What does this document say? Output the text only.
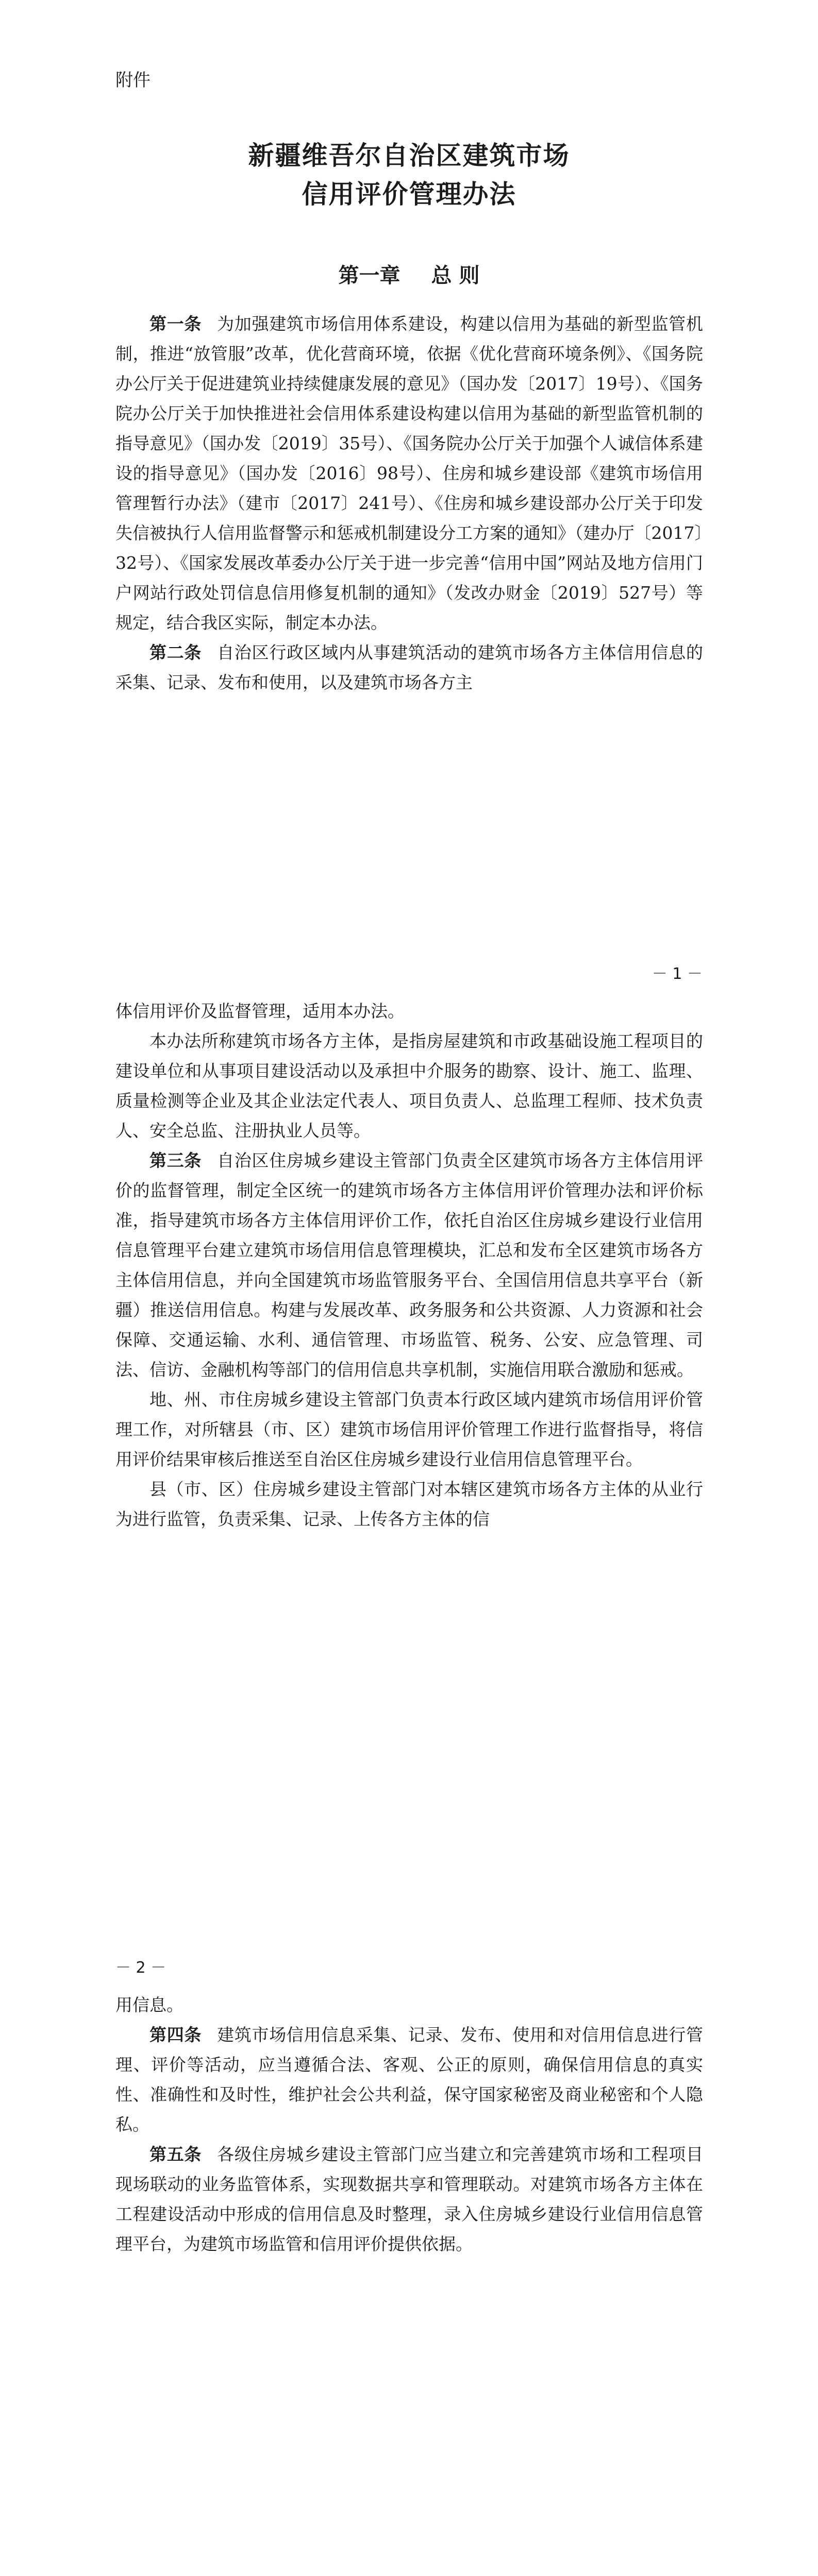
附件
新疆维吾尔自治区建筑市场
信用评价管理办法
第一章 总 则

第一条 为加强建筑市场信用体系建设，构建以信用为基础的新型监管机制，推进“放管服”改革，优化营商环境，依据《优化营商环境条例》、《国务院办公厅关于促进建筑业持续健康发展的意见》（国办发〔2017〕19号）、《国务院办公厅关于加快推进社会信用体系建设构建以信用为基础的新型监管机制的指导意见》（国办发〔2019〕35号）、《国务院办公厅关于加强个人诚信体系建设的指导意见》（国办发〔2016〕98号）、住房和城乡建设部《建筑市场信用管理暂行办法》（建市〔2017〕241号）、《住房和城乡建设部办公厅关于印发失信被执行人信用监督警示和惩戒机制建设分工方案的通知》（建办厅〔2017〕32号）、《国家发展改革委办公厅关于进一步完善“信用中国”网站及地方信用门户网站行政处罚信息信用修复机制的通知》（发改办财金〔2019〕527号）等规定，结合我区实际，制定本办法。

第二条 自治区行政区域内从事建筑活动的建筑市场各方主体信用信息的采集、记录、发布和使用，以及建筑市场各方主

－ 1 －

体信用评价及监督管理，适用本办法。

本办法所称建筑市场各方主体，是指房屋建筑和市政基础设施工程项目的建设单位和从事项目建设活动以及承担中介服务的勘察、设计、施工、监理、质量检测等企业及其企业法定代表人、项目负责人、总监理工程师、技术负责人、安全总监、注册执业人员等。

第三条 自治区住房城乡建设主管部门负责全区建筑市场各方主体信用评价的监督管理，制定全区统一的建筑市场各方主体信用评价管理办法和评价标准，指导建筑市场各方主体信用评价工作，依托自治区住房城乡建设行业信用信息管理平台建立建筑市场信用信息管理模块，汇总和发布全区建筑市场各方主体信用信息，并向全国建筑市场监管服务平台、全国信用信息共享平台（新疆）推送信用信息。构建与发展改革、政务服务和公共资源、人力资源和社会保障、交通运输、水利、通信管理、市场监管、税务、公安、应急管理、司法、信访、金融机构等部门的信用信息共享机制，实施信用联合激励和惩戒。

地、州、市住房城乡建设主管部门负责本行政区域内建筑市场信用评价管理工作，对所辖县（市、区）建筑市场信用评价管理工作进行监督指导，将信用评价结果审核后推送至自治区住房城乡建设行业信用信息管理平台。

县（市、区）住房城乡建设主管部门对本辖区建筑市场各方主体的从业行为进行监管，负责采集、记录、上传各方主体的信

－ 2 －

用信息。

第四条 建筑市场信用信息采集、记录、发布、使用和对信用信息进行管理、评价等活动，应当遵循合法、客观、公正的原则，确保信用信息的真实性、准确性和及时性，维护社会公共利益，保守国家秘密及商业秘密和个人隐私。

第五条 各级住房城乡建设主管部门应当建立和完善建筑市场和工程项目现场联动的业务监管体系，实现数据共享和管理联动。对建筑市场各方主体在工程建设活动中形成的信用信息及时整理，录入住房城乡建设行业信用信息管理平台，为建筑市场监管和信用评价提供依据。
